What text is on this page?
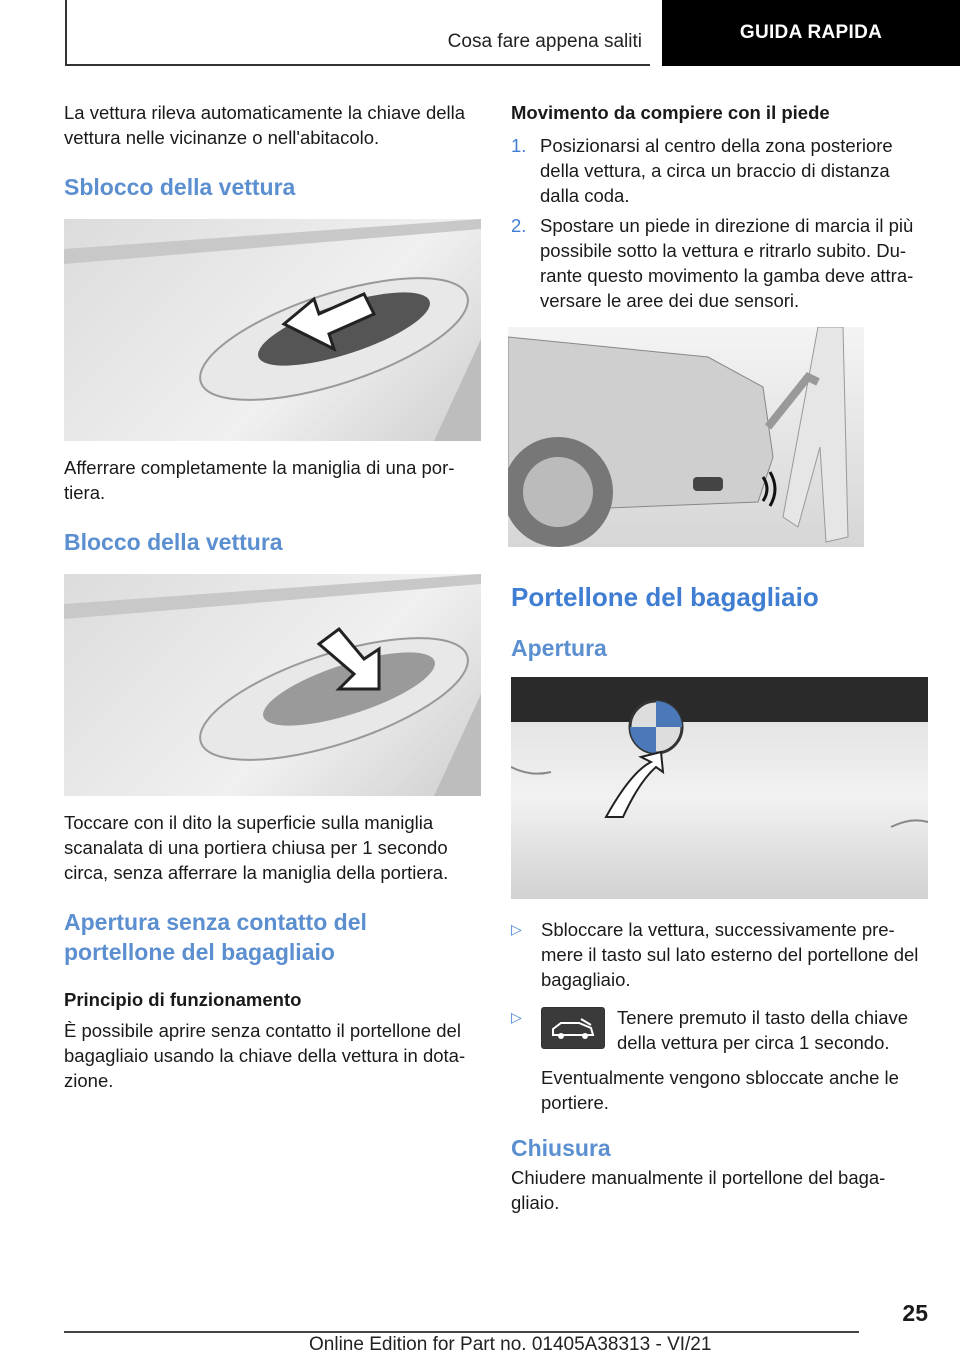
Cosa fare appena saliti	GUIDA RAPIDA

La vettura rileva automaticamente la chiave della vettura nelle vicinanze o nell'abitacolo.

Sblocco della vettura

Afferrare completamente la maniglia di una por-tiera.

Blocco della vettura

Toccare con il dito la superficie sulla maniglia scanalata di una portiera chiusa per 1 secondo circa, senza afferrare la maniglia della portiera.

Apertura senza contatto del portellone del bagagliaio
Principio di funzionamento

È possibile aprire senza contatto il portellone del bagagliaio usando la chiave della vettura in dota-zione.

Movimento da compiere con il piede
1. Posizionarsi al centro della zona posteriore della vettura, a circa un braccio di distanza dalla coda.

2. Spostare un piede in direzione di marcia il più possibile sotto la vettura e ritrarlo subito. Du-rante questo movimento la gamba deve attra-versare le aree dei due sensori.

Portellone del bagagliaio
Apertura
▷	Sbloccare la vettura, successivamente pre-mere il tasto sul lato esterno del portellone del bagagliaio.

▷	Tenere premuto il tasto della chiave della vettura per circa 1 secondo.

Eventualmente vengono sbloccate anche le portiere.

Chiusura

Chiudere manualmente il portellone del baga-gliaio.

25
Online Edition for Part no. 01405A38313 - VI/21
